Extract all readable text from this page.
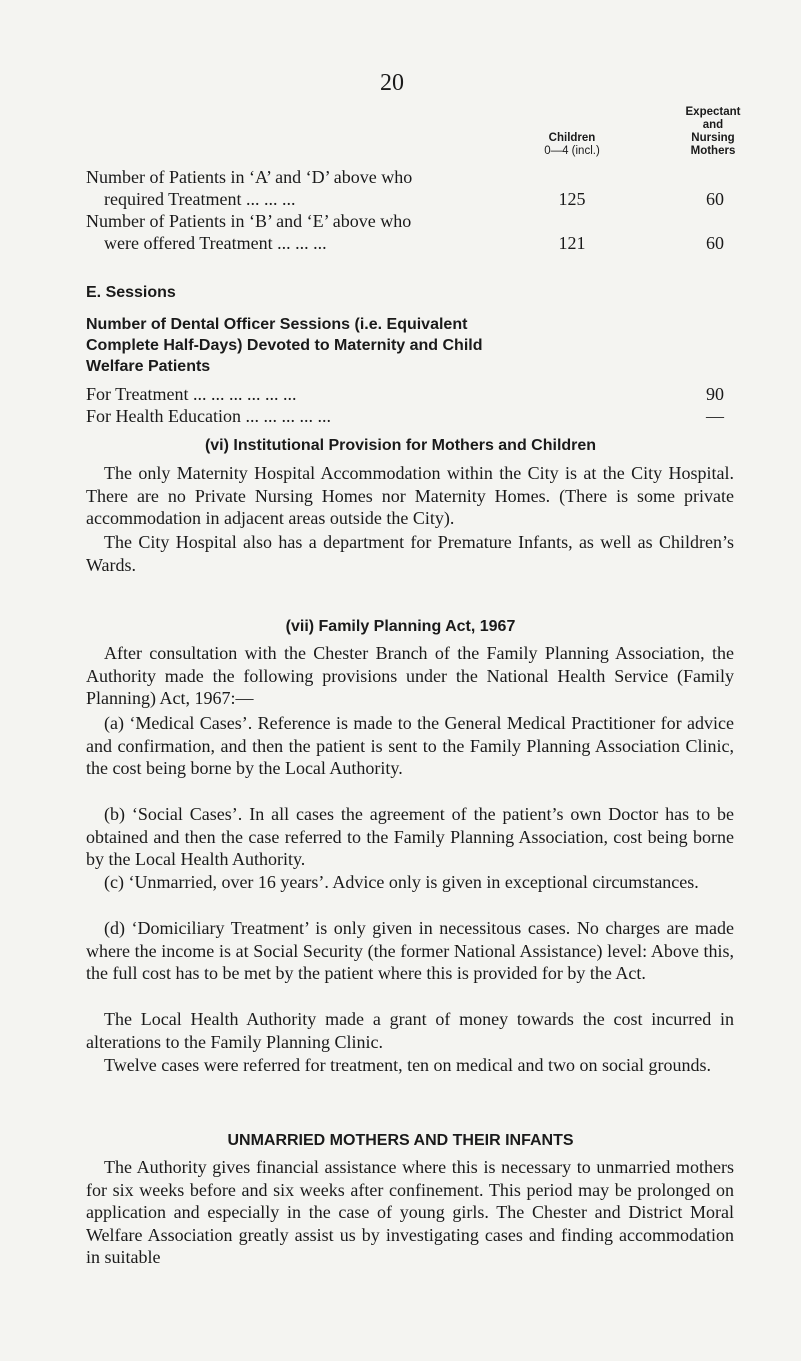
20
Children
0—4 (incl.)
Expectant
and
Nursing
Mothers
Number of Patients in ‘A’ and ‘D’ above who
required Treatment ... ... ...	125	60
Number of Patients in ‘B’ and ‘E’ above who
were offered Treatment ... ... ...	121	60
E. Sessions
Number of Dental Officer Sessions (i.e. Equivalent Complete Half-Days) Devoted to Maternity and Child Welfare Patients
For Treatment ... ... ... ... ... ...	90
For Health Education ... ... ... ... ...	—
(vi) Institutional Provision for Mothers and Children
The only Maternity Hospital Accommodation within the City is at the City Hospital. There are no Private Nursing Homes nor Maternity Homes. (There is some private accommodation in adjacent areas outside the City).
The City Hospital also has a department for Premature Infants, as well as Children’s Wards.
(vii) Family Planning Act, 1967
After consultation with the Chester Branch of the Family Planning Association, the Authority made the following provisions under the National Health Service (Family Planning) Act, 1967:—
(a) ‘Medical Cases’. Reference is made to the General Medical Practitioner for advice and confirmation, and then the patient is sent to the Family Planning Association Clinic, the cost being borne by the Local Authority.
(b) ‘Social Cases’. In all cases the agreement of the patient’s own Doctor has to be obtained and then the case referred to the Family Planning Association, cost being borne by the Local Health Authority.
(c) ‘Unmarried, over 16 years’. Advice only is given in exceptional circumstances.
(d) ‘Domiciliary Treatment’ is only given in necessitous cases. No charges are made where the income is at Social Security (the former National Assistance) level: Above this, the full cost has to be met by the patient where this is provided for by the Act.
The Local Health Authority made a grant of money towards the cost incurred in alterations to the Family Planning Clinic.
Twelve cases were referred for treatment, ten on medical and two on social grounds.
UNMARRIED MOTHERS AND THEIR INFANTS
The Authority gives financial assistance where this is necessary to unmarried mothers for six weeks before and six weeks after confinement. This period may be prolonged on application and especially in the case of young girls. The Chester and District Moral Welfare Association greatly assist us by investigating cases and finding accommodation in suitable
